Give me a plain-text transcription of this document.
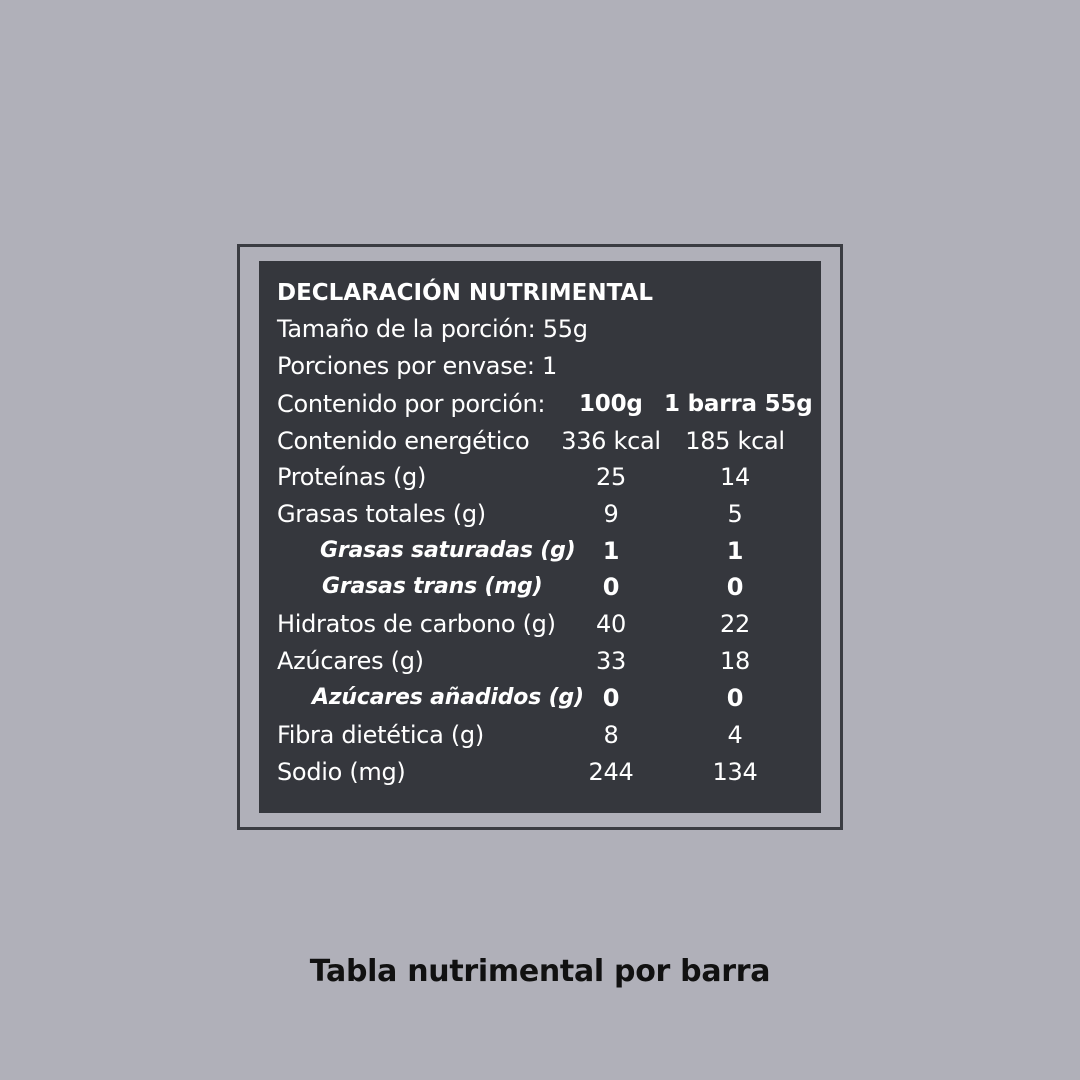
DECLARACIÓN NUTRIMENTAL
Tamaño de la porción: 55g
Porciones por envase: 1
Contenido por porción: 100g 1 barra 55g
Contenido energético	336 kcal	185 kcal
Proteínas (g)	25	14
Grasas totales (g)	9	5
Grasas saturadas (g)	1	1
Grasas trans (mg)	0	0
Hidratos de carbono (g)	40	22
Azúcares (g)	33	18
Azúcares añadidos (g) 0	0
Fibra dietética (g)	8	4
Sodio (mg)	244	134
Tabla nutrimental por barra
